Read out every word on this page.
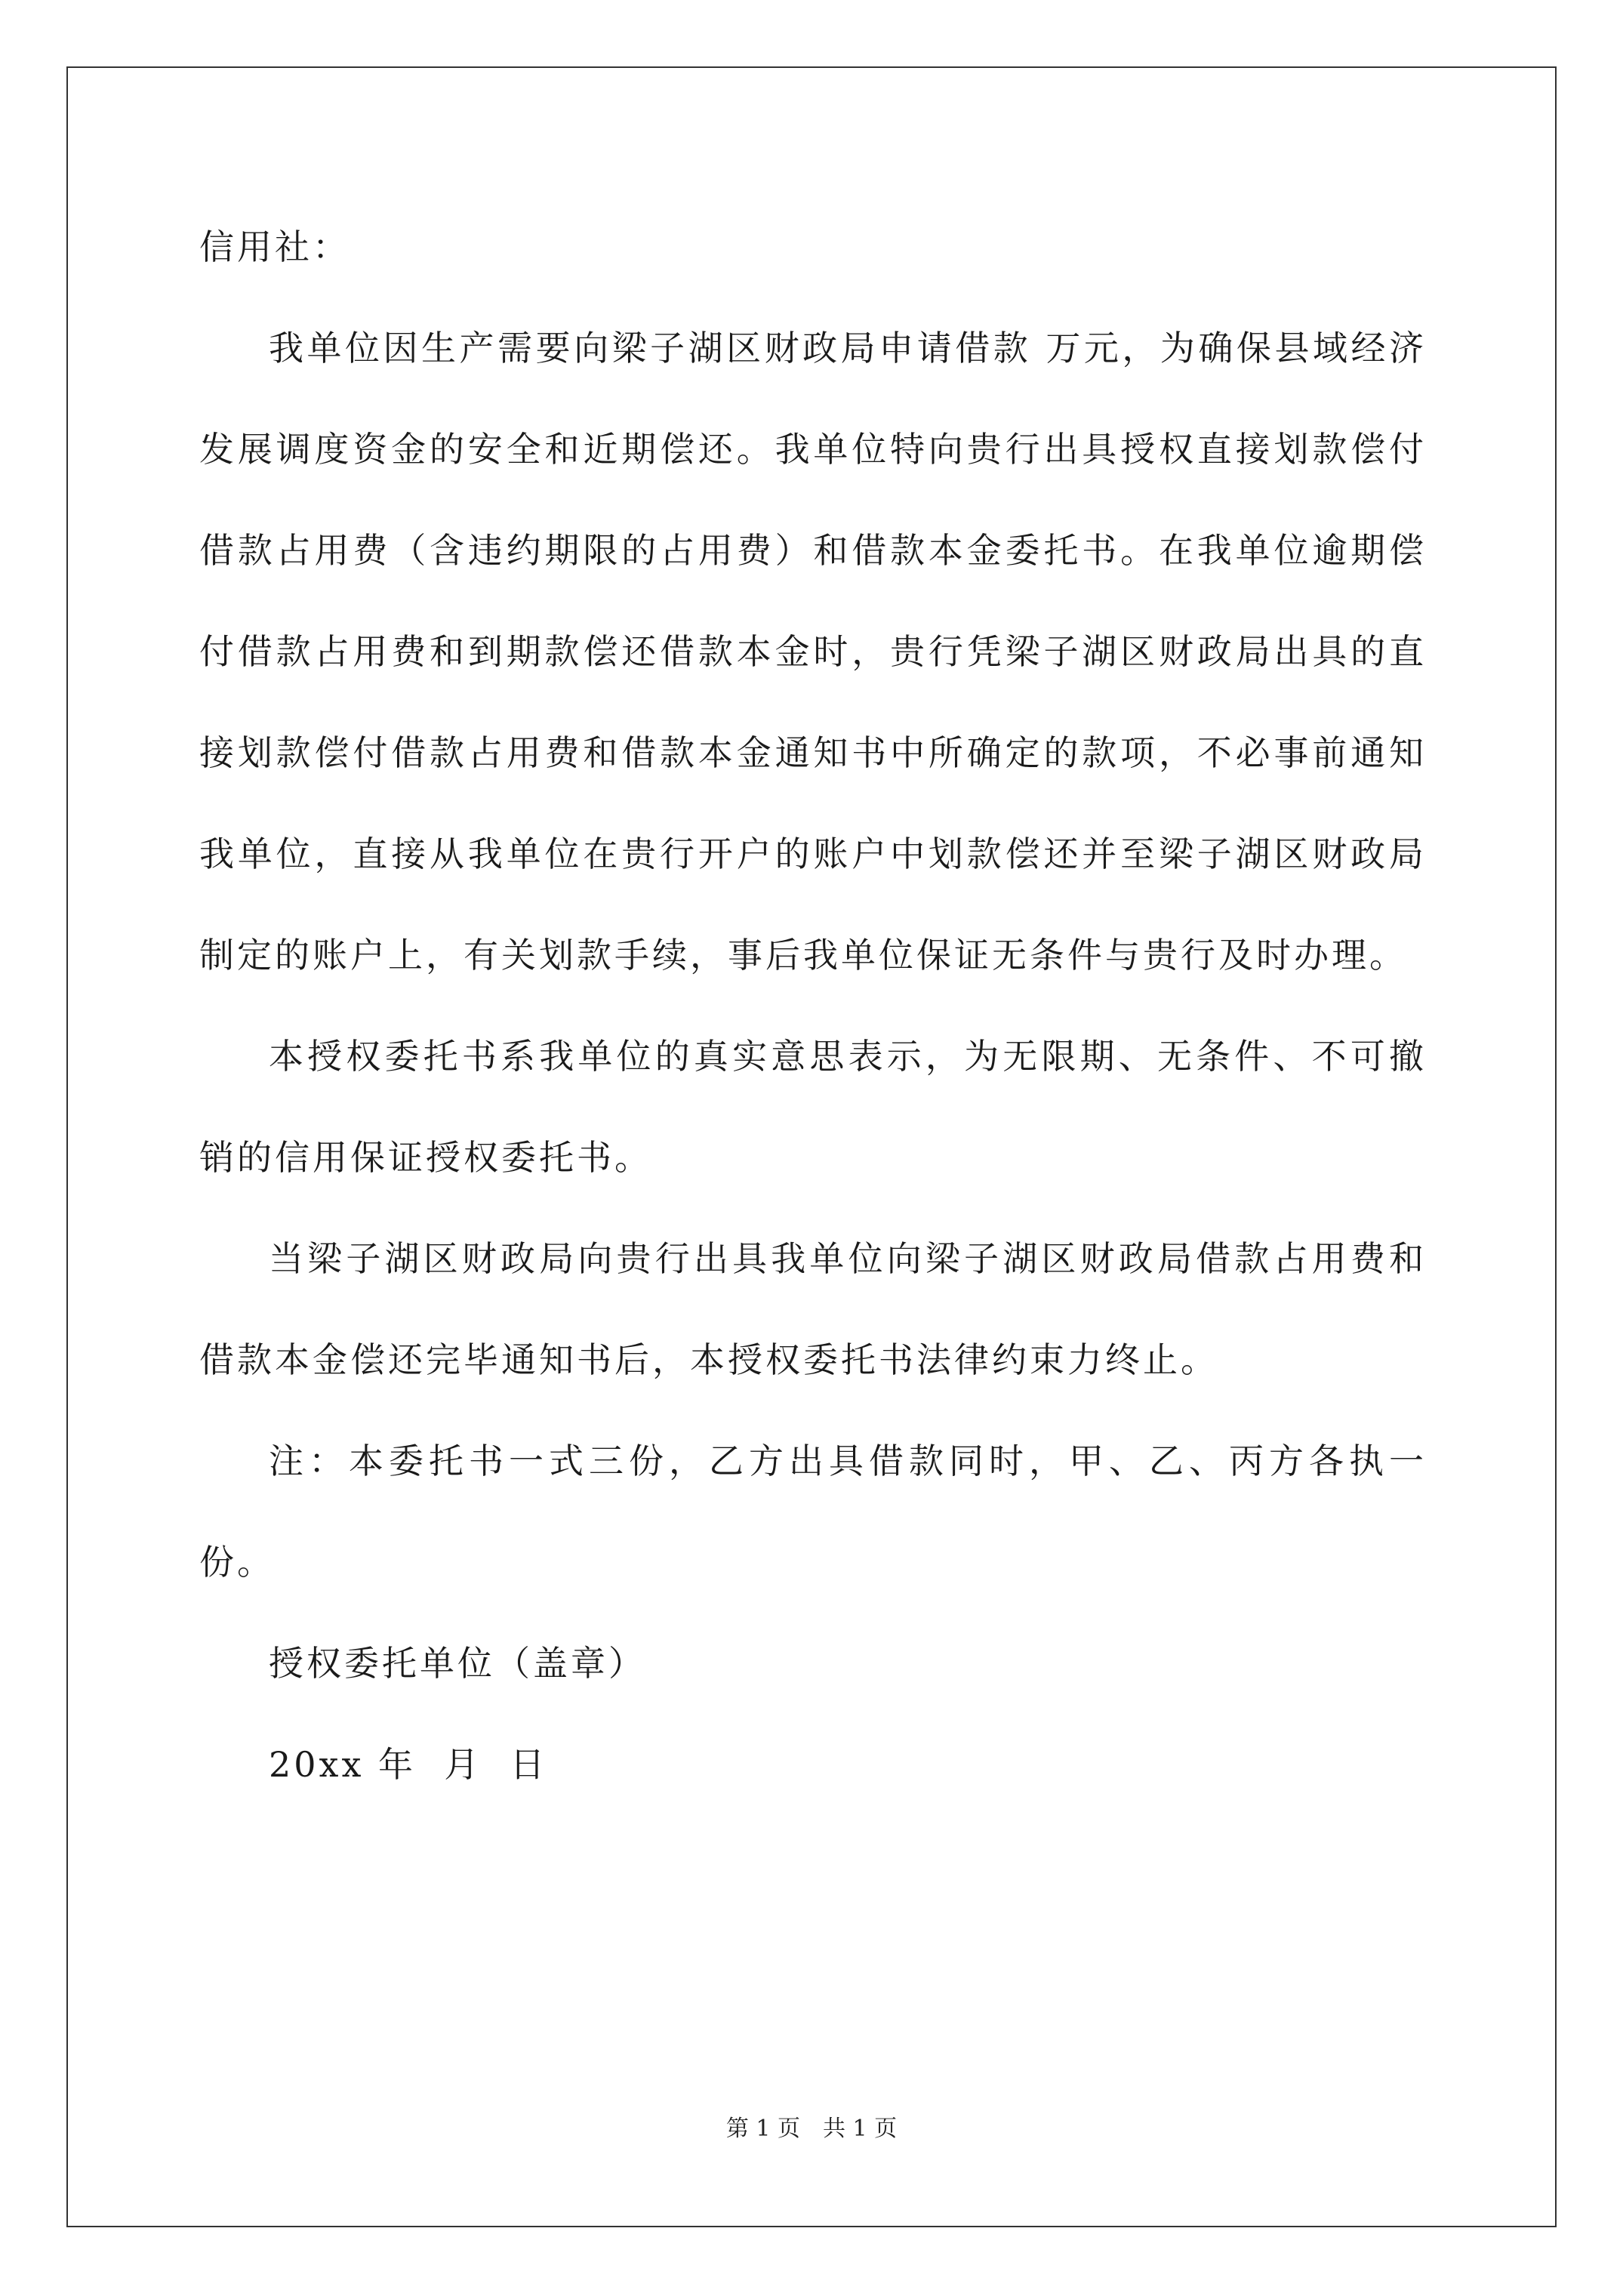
信用社：

我单位因生产需要向梁子湖区财政局申请借款 万元，为确保县域经济发展调度资金的安全和近期偿还。我单位特向贵行出具授权直接划款偿付借款占用费（含违约期限的占用费）和借款本金委托书。在我单位逾期偿付借款占用费和到期款偿还借款本金时，贵行凭梁子湖区财政局出具的直接划款偿付借款占用费和借款本金通知书中所确定的款项，不必事前通知我单位，直接从我单位在贵行开户的账户中划款偿还并至梁子湖区财政局制定的账户上，有关划款手续，事后我单位保证无条件与贵行及时办理。

本授权委托书系我单位的真实意思表示，为无限期、无条件、不可撤销的信用保证授权委托书。

当梁子湖区财政局向贵行出具我单位向梁子湖区财政局借款占用费和借款本金偿还完毕通知书后，本授权委托书法律约束力终止。

注：本委托书一式三份，乙方出具借款同时，甲、乙、丙方各执一份。

授权委托单位（盖章）

20xx 年  月  日

第 1 页 共 1 页
